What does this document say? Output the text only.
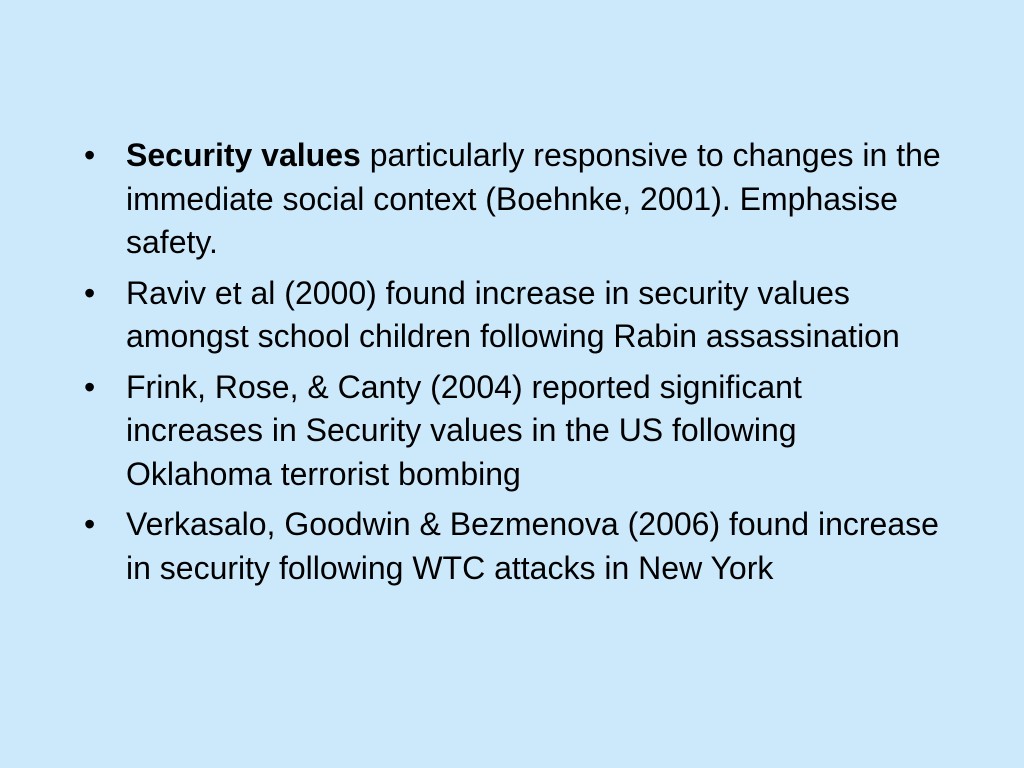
• Security values particularly responsive to changes in the immediate social context (Boehnke, 2001). Emphasise safety.
• Raviv et al (2000) found increase in security values amongst school children following Rabin assassination
• Frink, Rose, & Canty (2004) reported significant increases in Security values in the US following Oklahoma terrorist bombing
• Verkasalo, Goodwin & Bezmenova (2006) found increase in security following WTC attacks in New York
